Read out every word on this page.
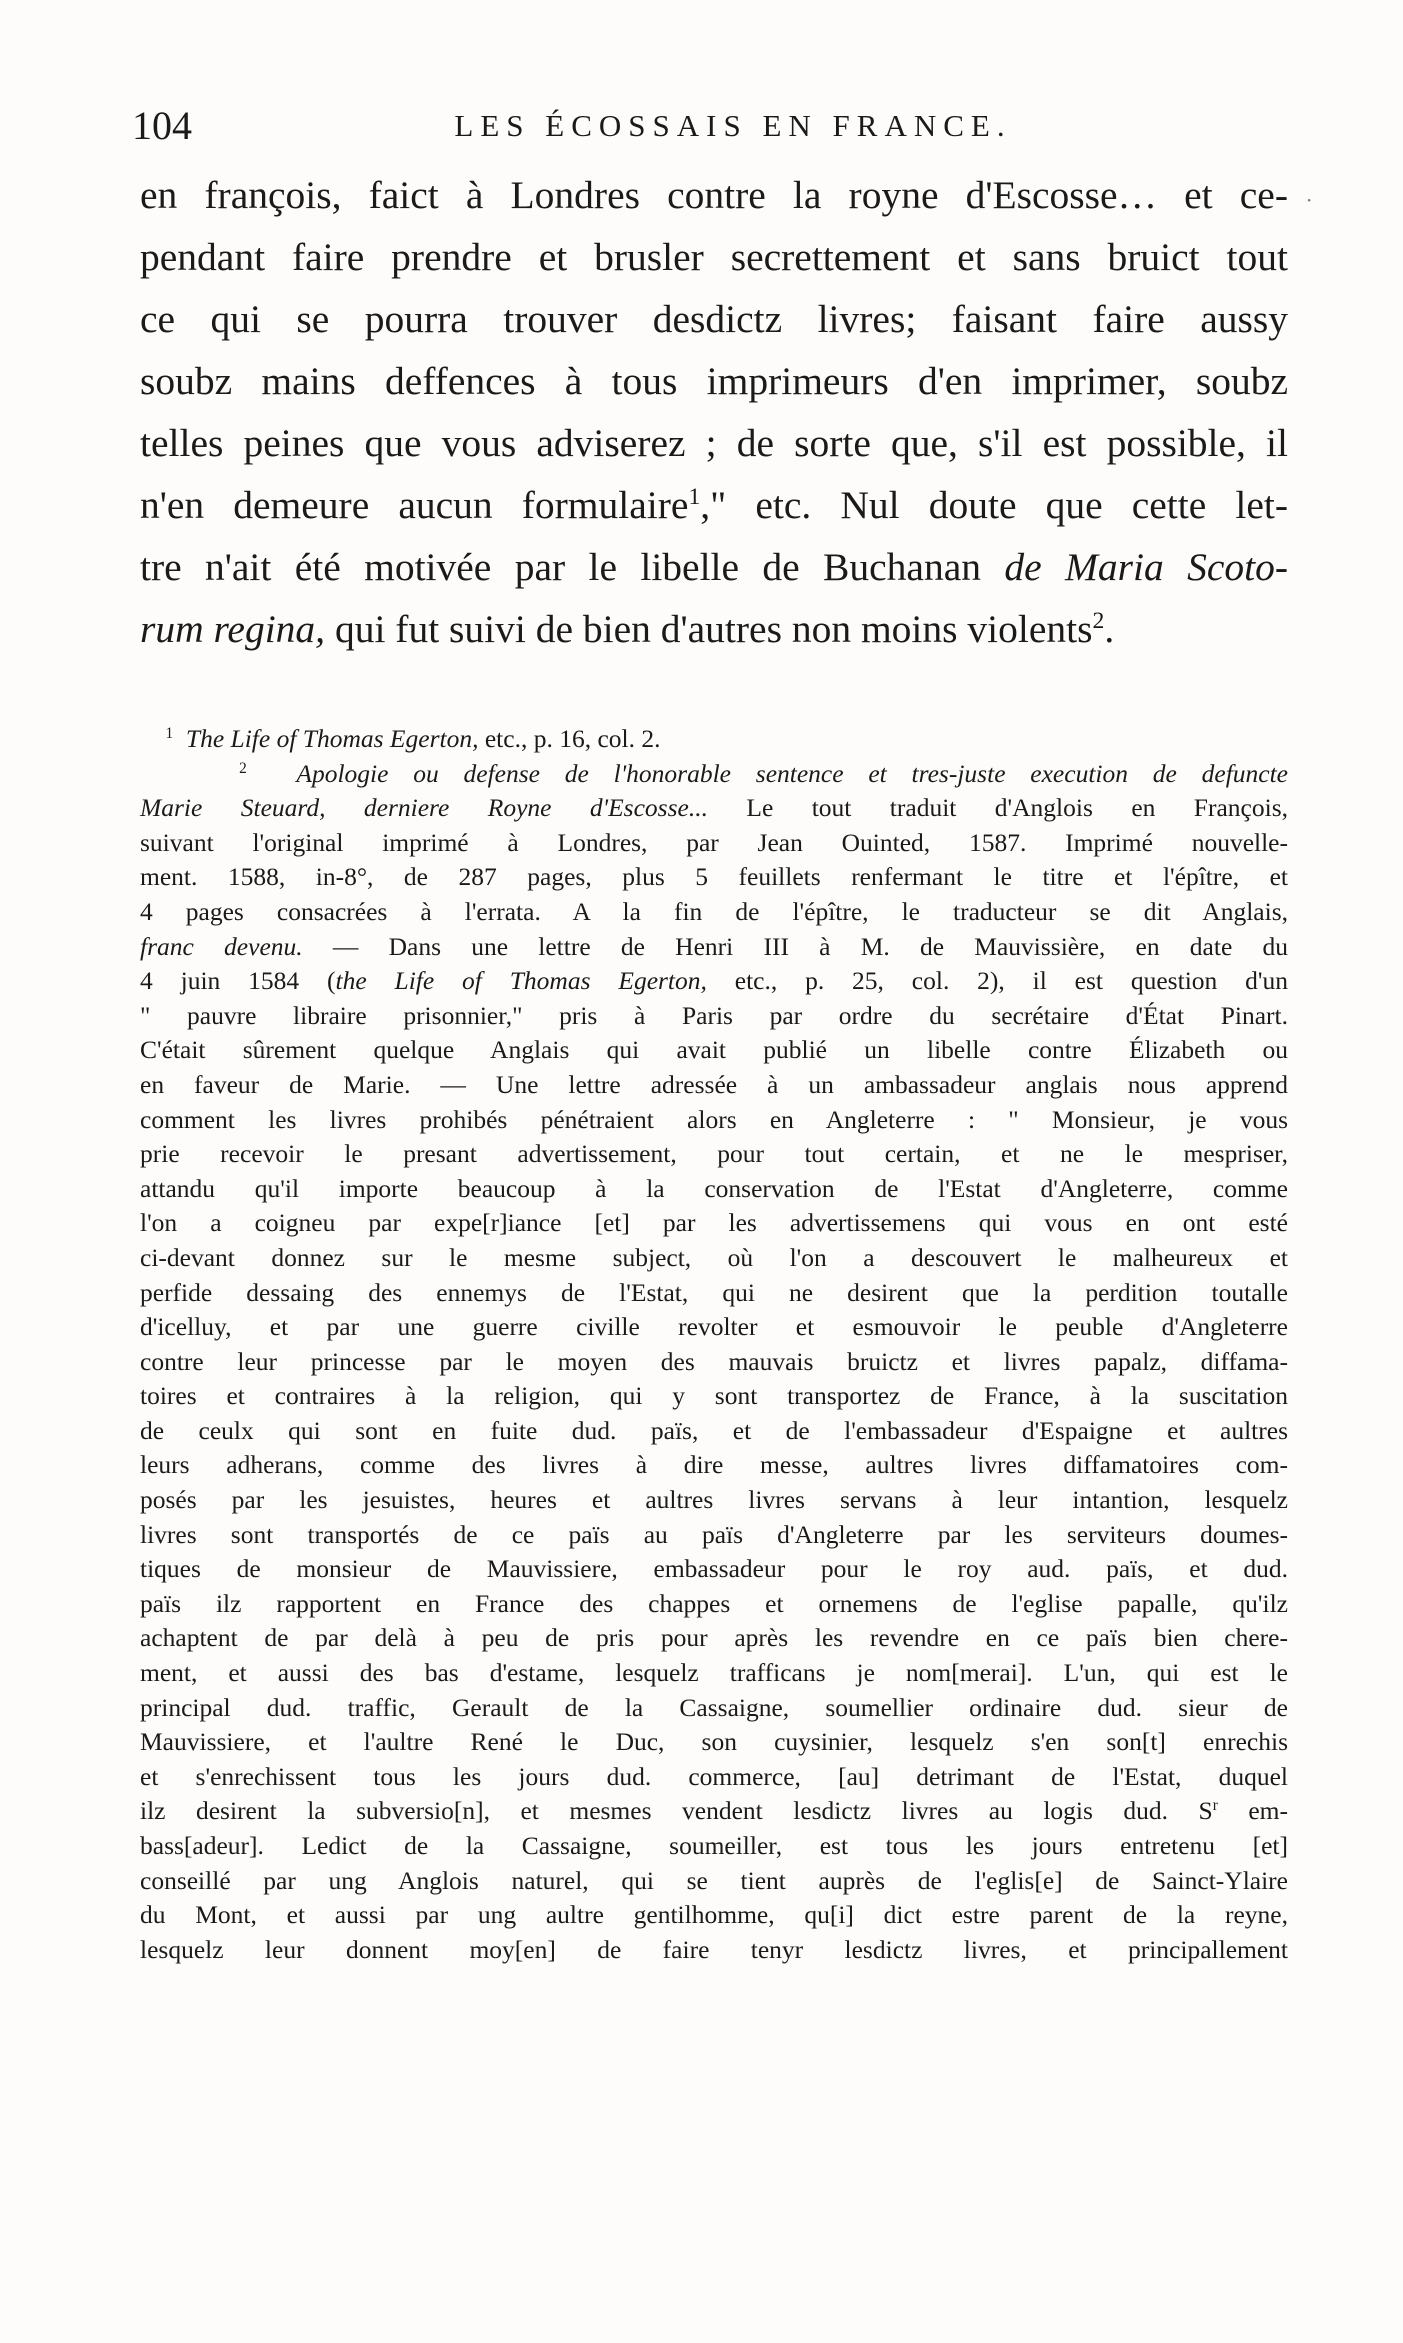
104	LES ÉCOSSAIS EN FRANCE.
·
en françois, faict à Londres contre la royne d'Escosse… et ce-
pendant faire prendre et brusler secrettement et sans bruict tout
ce qui se pourra trouver desdictz livres; faisant faire aussy
soubz mains deffences à tous imprimeurs d'en imprimer, soubz
telles peines que vous adviserez ; de sorte que, s'il est possible, il
n'en demeure aucun formulaire$^1$," etc. Nul doute que cette let-
tre n'ait été motivée par le libelle de Buchanan de Maria Scoto-
rum regina, qui fut suivi de bien d'autres non moins violents$^2$.
$^1$ The Life of Thomas Egerton, etc., p. 16, col. 2.
$^2$ Apologie ou defense de l'honorable sentence et tres-juste execution de defuncte
Marie Steuard, derniere Royne d'Escosse... Le tout traduit d'Anglois en François,
suivant l'original imprimé à Londres, par Jean Ouinted, 1587. Imprimé nouvelle-
ment. 1588, in-8°, de 287 pages, plus 5 feuillets renfermant le titre et l'épître, et
4 pages consacrées à l'errata. A la fin de l'épître, le traducteur se dit Anglais,
franc devenu. — Dans une lettre de Henri III à M. de Mauvissière, en date du
4 juin 1584 (the Life of Thomas Egerton, etc., p. 25, col. 2), il est question d'un
" pauvre libraire prisonnier," pris à Paris par ordre du secrétaire d'État Pinart.
C'était sûrement quelque Anglais qui avait publié un libelle contre Élizabeth ou
en faveur de Marie. — Une lettre adressée à un ambassadeur anglais nous apprend
comment les livres prohibés pénétraient alors en Angleterre : " Monsieur, je vous
prie recevoir le presant advertissement, pour tout certain, et ne le mespriser,
attandu qu'il importe beaucoup à la conservation de l'Estat d'Angleterre, comme
l'on a coigneu par expe[r]iance [et] par les advertissemens qui vous en ont esté
ci-devant donnez sur le mesme subject, où l'on a descouvert le malheureux et
perfide dessaing des ennemys de l'Estat, qui ne desirent que la perdition toutalle
d'icelluy, et par une guerre civille revolter et esmouvoir le peuble d'Angleterre
contre leur princesse par le moyen des mauvais bruictz et livres papalz, diffama-
toires et contraires à la religion, qui y sont transportez de France, à la suscitation
de ceulx qui sont en fuite dud. païs, et de l'embassadeur d'Espaigne et aultres
leurs adherans, comme des livres à dire messe, aultres livres diffamatoires com-
posés par les jesuistes, heures et aultres livres servans à leur intantion, lesquelz
livres sont transportés de ce païs au païs d'Angleterre par les serviteurs doumes-
tiques de monsieur de Mauvissiere, embassadeur pour le roy aud. païs, et dud.
païs ilz rapportent en France des chappes et ornemens de l'eglise papalle, qu'ilz
achaptent de par delà à peu de pris pour après les revendre en ce païs bien chere-
ment, et aussi des bas d'estame, lesquelz trafficans je nom[merai]. L'un, qui est le
principal dud. traffic, Gerault de la Cassaigne, soumellier ordinaire dud. sieur de
Mauvissiere, et l'aultre René le Duc, son cuysinier, lesquelz s'en son[t] enrechis
et s'enrechissent tous les jours dud. commerce, [au] detrimant de l'Estat, duquel
ilz desirent la subversio[n], et mesmes vendent lesdictz livres au logis dud. $S^r$ em-
bass[adeur]. Ledict de la Cassaigne, soumeiller, est tous les jours entretenu [et]
conseillé par ung Anglois naturel, qui se tient auprès de l'eglis[e] de Sainct-Ylaire
du Mont, et aussi par ung aultre gentilhomme, qu[i] dict estre parent de la reyne,
lesquelz leur donnent moy[en] de faire tenyr lesdictz livres, et principallement
